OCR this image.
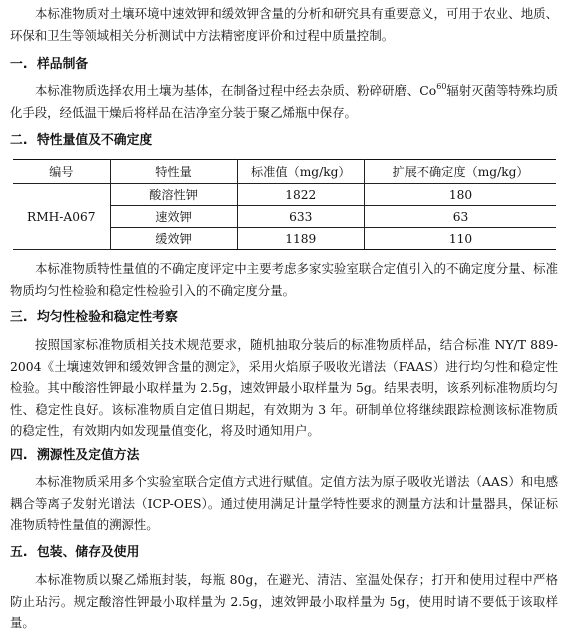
本标准物质对土壤环境中速效钾和缓效钾含量的分析和研究具有重要意义，可用于农业、地质、环保和卫生等领域相关分析测试中方法精密度评价和过程中质量控制。

一. 样品制备

本标准物质选择农用土壤为基体，在制备过程中经去杂质、粉碎研磨、Co$^{60}$辐射灭菌等特殊均质化手段，经低温干燥后将样品在洁净室分装于聚乙烯瓶中保存。

二. 特性量值及不确定度
编号	特性量	标准值（mg/kg）	扩展不确定度（mg/kg）
RMH-A067	酸溶性钾	1822	180
	速效钾	633	63
	缓效钾	1189	110

本标准物质特性量值的不确定度评定中主要考虑多家实验室联合定值引入的不确定度分量、标准物质均匀性检验和稳定性检验引入的不确定度分量。

三. 均匀性检验和稳定性考察

按照国家标准物质相关技术规范要求，随机抽取分装后的标准物质样品，结合标准 NY/T 889-2004《土壤速效钾和缓效钾含量的测定》，采用火焰原子吸收光谱法（FAAS）进行均匀性和稳定性检验。其中酸溶性钾最小取样量为 2.5g，速效钾最小取样量为 5g。结果表明，该系列标准物质均匀性、稳定性良好。该标准物质自定值日期起，有效期为 3 年。研制单位将继续跟踪检测该标准物质的稳定性，有效期内如发现量值变化，将及时通知用户。

四. 溯源性及定值方法

本标准物质采用多个实验室联合定值方式进行赋值。定值方法为原子吸收光谱法（AAS）和电感耦合等离子发射光谱法（ICP-OES）。通过使用满足计量学特性要求的测量方法和计量器具，保证标准物质特性量值的溯源性。

五. 包装、储存及使用

本标准物质以聚乙烯瓶封装，每瓶 80g，在避光、清洁、室温处保存；打开和使用过程中严格防止玷污。规定酸溶性钾最小取样量为 2.5g，速效钾最小取样量为 5g，使用时请不要低于该取样量。
